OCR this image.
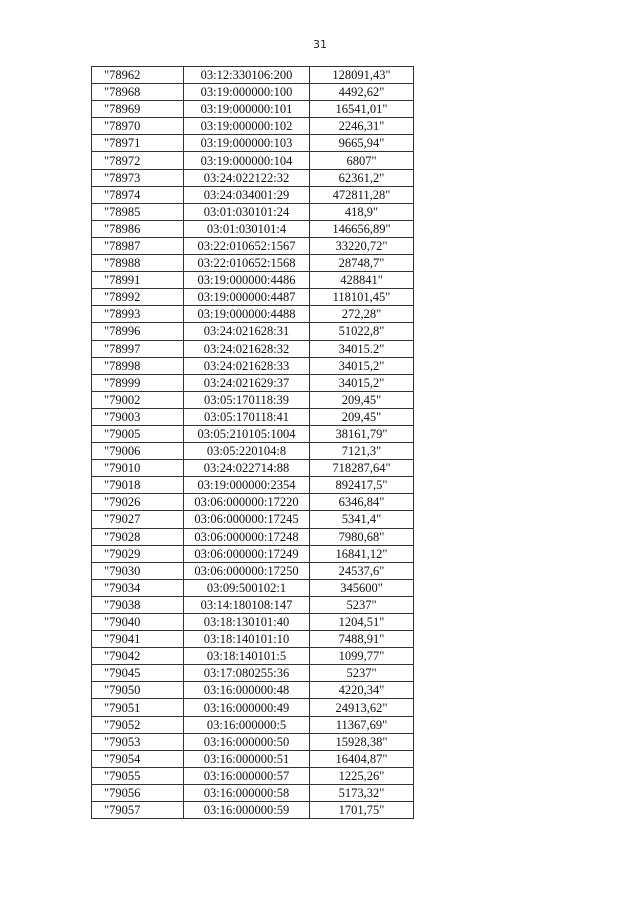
31
"78962	03:12:330106:200	128091,43"
"78968	03:19:000000:100	4492,62"
"78969	03:19:000000:101	16541,01"
"78970	03:19:000000:102	2246,31"
"78971	03:19:000000:103	9665,94"
"78972	03:19:000000:104	6807"
"78973	03:24:022122:32	62361,2"
"78974	03:24:034001:29	472811,28"
"78985	03:01:030101:24	418,9"
"78986	03:01:030101:4	146656,89"
"78987	03:22:010652:1567	33220,72"
"78988	03:22:010652:1568	28748,7"
"78991	03:19:000000:4486	428841"
"78992	03:19:000000:4487	118101,45"
"78993	03:19:000000:4488	272,28"
"78996	03:24:021628:31	51022,8"
"78997	03:24:021628:32	34015.2"
"78998	03:24:021628:33	34015,2"
"78999	03:24:021629:37	34015,2"
"79002	03:05:170118:39	209,45"
"79003	03:05:170118:41	209,45"
"79005	03:05:210105:1004	38161,79"
"79006	03:05:220104:8	7121,3"
"79010	03:24:022714:88	718287,64"
"79018	03:19:000000:2354	892417,5"
"79026	03:06:000000:17220	6346,84"
"79027	03:06:000000:17245	5341,4"
"79028	03:06:000000:17248	7980,68"
"79029	03:06:000000:17249	16841,12"
"79030	03:06:000000:17250	24537,6"
"79034	03:09:500102:1	345600"
"79038	03:14:180108:147	5237"
"79040	03:18:130101:40	1204,51"
"79041	03:18:140101:10	7488,91"
"79042	03:18:140101:5	1099,77"
"79045	03:17:080255:36	5237"
"79050	03:16:000000:48	4220,34"
"79051	03:16:000000:49	24913,62"
"79052	03:16:000000:5	11367,69"
"79053	03:16:000000:50	15928,38"
"79054	03:16:000000:51	16404,87"
"79055	03:16:000000:57	1225,26"
"79056	03:16:000000:58	5173,32"
"79057	03:16:000000:59	1701,75"
